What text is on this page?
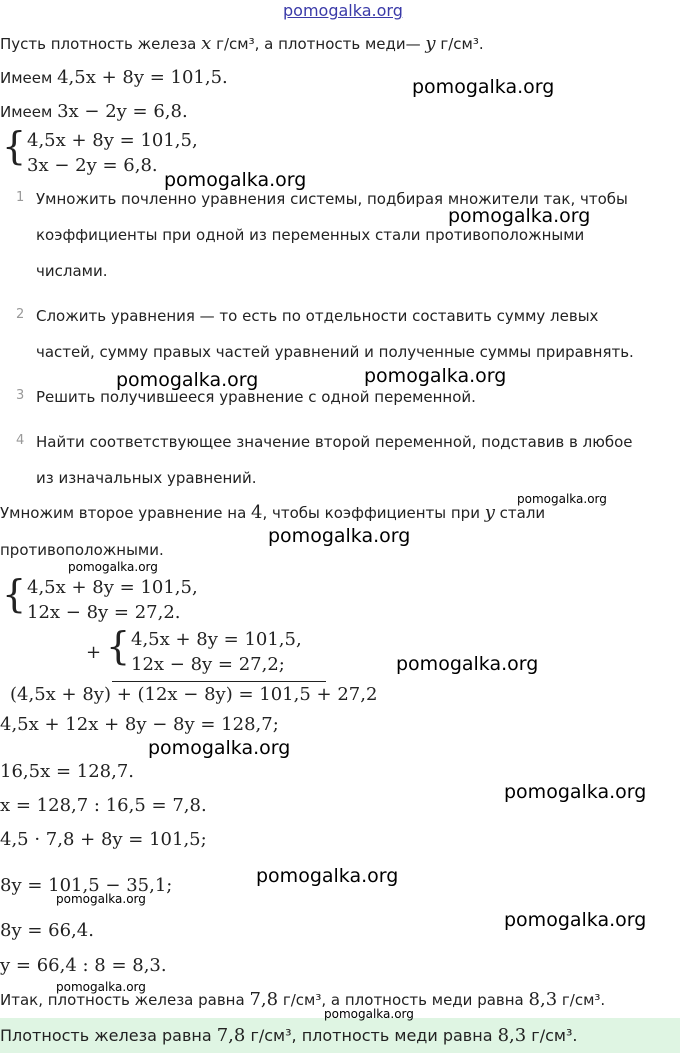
pomogalka.org
Пусть плотность железа x г/см³, а плотность меди— y г/см³.
Имеем 4,5x + 8y = 101,5.
Имеем 3x − 2y = 6,8.
{ 4,5x + 8y = 101,5,
3x − 2y = 6,8.
1 Умножить почленно уравнения системы, подбирая множители так, чтобы
коэффициенты при одной из переменных стали противоположными
числами.
2 Сложить уравнения — то есть по отдельности составить сумму левых
частей, сумму правых частей уравнений и полученные суммы приравнять.
3 Решить получившееся уравнение с одной переменной.
4 Найти соответствующее значение второй переменной, подставив в любое
из изначальных уравнений.
Умножим второе уравнение на 4, чтобы коэффициенты при y стали
противоположными.
{ 4,5x + 8y = 101,5,
12x − 8y = 27,2.
+ { 4,5x + 8y = 101,5,
12x − 8y = 27,2;
(4,5x + 8y) + (12x − 8y) = 101,5 + 27,2
4,5x + 12x + 8y − 8y = 128,7;
16,5x = 128,7.
x = 128,7 : 16,5 = 7,8.
4,5 · 7,8 + 8y = 101,5;
8y = 101,5 − 35,1;
8y = 66,4.
y = 66,4 : 8 = 8,3.
Итак, плотность железа равна 7,8 г/см³, а плотность меди равна 8,3 г/см³.
Плотность железа равна 7,8 г/см³, плотность меди равна 8,3 г/см³.
pomogalka.org
pomogalka.org
pomogalka.org
pomogalka.org	pomogalka.org
pomogalka.org
pomogalka.org
pomogalka.org
pomogalka.org
pomogalka.org
pomogalka.org
pomogalka.org
pomogalka.org
pomogalka.org
pomogalka.org
pomogalka.org
